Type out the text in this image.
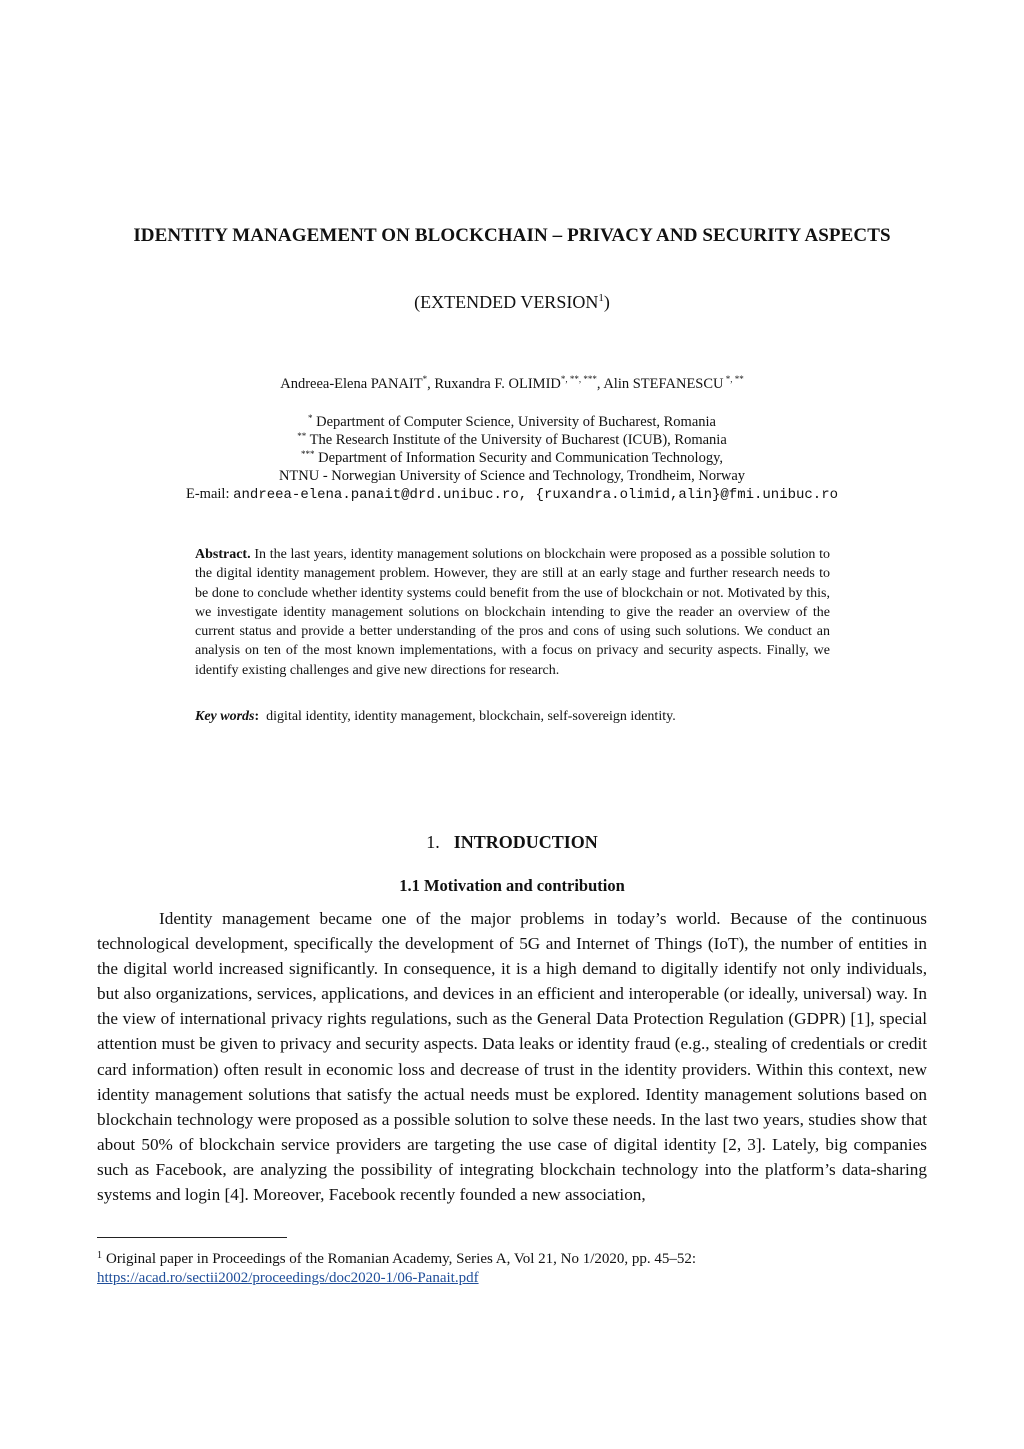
IDENTITY MANAGEMENT ON BLOCKCHAIN – PRIVACY AND SECURITY ASPECTS
(EXTENDED VERSION$^1$)
Andreea-Elena PANAIT*, Ruxandra F. OLIMID*, **, ***, Alin STEFANESCU *, **
* Department of Computer Science, University of Bucharest, Romania
** The Research Institute of the University of Bucharest (ICUB), Romania
*** Department of Information Security and Communication Technology,
NTNU - Norwegian University of Science and Technology, Trondheim, Norway
E-mail: andreea-elena.panait@drd.unibuc.ro, {ruxandra.olimid,alin}@fmi.unibuc.ro
Abstract. In the last years, identity management solutions on blockchain were proposed as a possible solution to the digital identity management problem. However, they are still at an early stage and further research needs to be done to conclude whether identity systems could benefit from the use of blockchain or not. Motivated by this, we investigate identity management solutions on blockchain intending to give the reader an overview of the current status and provide a better understanding of the pros and cons of using such solutions. We conduct an analysis on ten of the most known implementations, with a focus on privacy and security aspects. Finally, we identify existing challenges and give new directions for research.
Key words:  digital identity, identity management, blockchain, self-sovereign identity.
1. INTRODUCTION
1.1 Motivation and contribution

Identity management became one of the major problems in today’s world. Because of the continuous technological development, specifically the development of 5G and Internet of Things (IoT), the number of entities in the digital world increased significantly. In consequence, it is a high demand to digitally identify not only individuals, but also organizations, services, applications, and devices in an efficient and interoperable (or ideally, universal) way. In the view of international privacy rights regulations, such as the General Data Protection Regulation (GDPR) [1], special attention must be given to privacy and security aspects. Data leaks or identity fraud (e.g., stealing of credentials or credit card information) often result in economic loss and decrease of trust in the identity providers. Within this context, new identity management solutions that satisfy the actual needs must be explored. Identity management solutions based on blockchain technology were proposed as a possible solution to solve these needs. In the last two years, studies show that about 50% of blockchain service providers are targeting the use case of digital identity [2, 3]. Lately, big companies such as Facebook, are analyzing the possibility of integrating blockchain technology into the platform’s data-sharing systems and login [4]. Moreover, Facebook recently founded a new association,

$^1$ Original paper in Proceedings of the Romanian Academy, Series A, Vol 21, No 1/2020, pp. 45–52:
https://acad.ro/sectii2002/proceedings/doc2020-1/06-Panait.pdf
